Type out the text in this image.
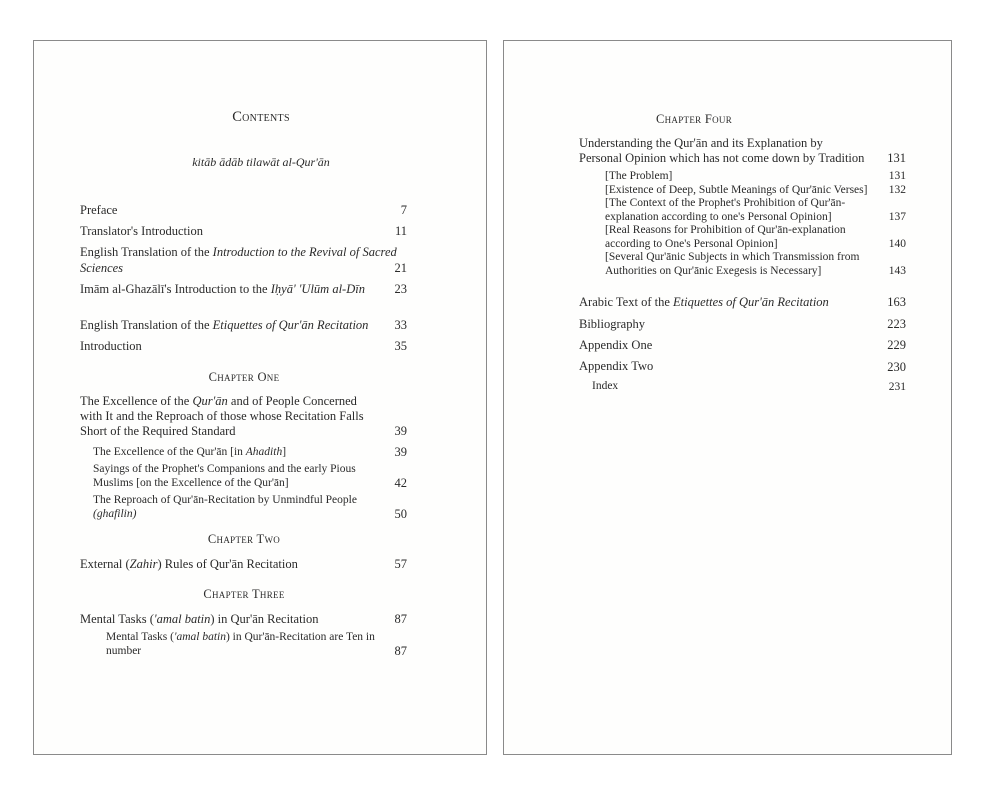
Contents
kitāb ādāb tilawāt al-Qur'ān
Preface	7
Translator's Introduction	11
English Translation of the Introduction to the Revival of Sacred
Sciences	21
Imām al-Ghazālī's Introduction to the Iḥyā' 'Ulūm al-Dīn	23
English Translation of the Etiquettes of Qur'ān Recitation	33
Introduction	35
Chapter One
The Excellence of the Qur'ān and of People Concerned
with It and the Reproach of those whose Recitation Falls
Short of the Required Standard	39
The Excellence of the Qur'ān [in Ahadith]	39
Sayings of the Prophet's Companions and the early Pious
Muslims [on the Excellence of the Qur'ān]	42
The Reproach of Qur'ān-Recitation by Unmindful People
(ghafilin)	50
Chapter Two
External (Zahir) Rules of Qur'ān Recitation	57
Chapter Three
Mental Tasks ('amal batin) in Qur'ān Recitation	87
Mental Tasks ('amal batin) in Qur'ān-Recitation are Ten in
number	87
Chapter Four
Understanding the Qur'ān and its Explanation by
Personal Opinion which has not come down by Tradition	131
[The Problem]	131
[Existence of Deep, Subtle Meanings of Qur'ānic Verses]	132
[The Context of the Prophet's Prohibition of Qur'ān-
explanation according to one's Personal Opinion]	137
[Real Reasons for Prohibition of Qur'ān-explanation
according to One's Personal Opinion]	140
[Several Qur'ānic Subjects in which Transmission from
Authorities on Qur'ānic Exegesis is Necessary]	143
Arabic Text of the Etiquettes of Qur'ān Recitation	163
Bibliography	223
Appendix One	229
Appendix Two	230
Index	231
